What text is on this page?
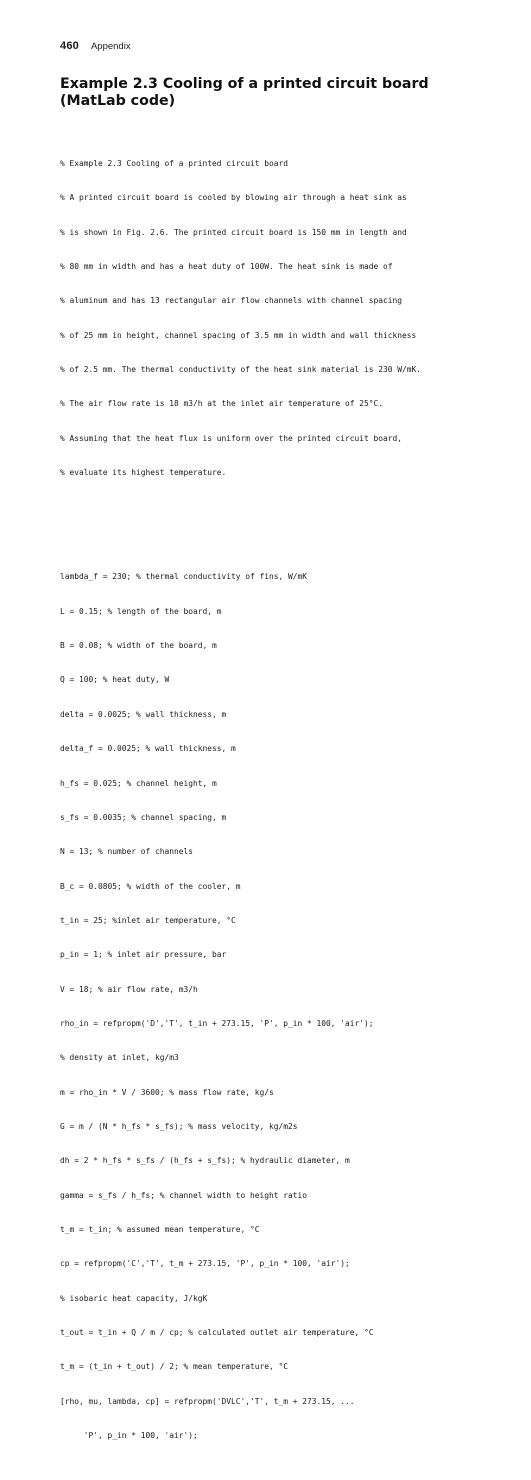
460 Appendix
Example 2.3 Cooling of a printed circuit board
(MatLab code)

% Example 2.3 Cooling of a printed circuit board

% A printed circuit board is cooled by blowing air through a heat sink as

% is shown in Fig. 2.6. The printed circuit board is 150 mm in length and

% 80 mm in width and has a heat duty of 100W. The heat sink is made of

% aluminum and has 13 rectangular air flow channels with channel spacing

% of 25 mm in height, channel spacing of 3.5 mm in width and wall thickness

% of 2.5 mm. The thermal conductivity of the heat sink material is 230 W/mK.

% The air flow rate is 18 m3/h at the inlet air temperature of 25°C.

% Assuming that the heat flux is uniform over the printed circuit board,

% evaluate its highest temperature.

lambda_f = 230; % thermal conductivity of fins, W/mK

L = 0.15; % length of the board, m

B = 0.08; % width of the board, m

Q = 100; % heat duty, W

delta = 0.0025; % wall thickness, m

delta_f = 0.0025; % wall thickness, m

h_fs = 0.025; % channel height, m

s_fs = 0.0035; % channel spacing, m

N = 13; % number of channels

B_c = 0.0805; % width of the cooler, m

t_in = 25; %inlet air temperature, °C

p_in = 1; % inlet air pressure, bar

V = 18; % air flow rate, m3/h

rho_in = refpropm('D','T', t_in + 273.15, 'P', p_in * 100, 'air');

% density at inlet, kg/m3

m = rho_in * V / 3600; % mass flow rate, kg/s

G = m / (N * h_fs * s_fs); % mass velocity, kg/m2s

dh = 2 * h_fs * s_fs / (h_fs + s_fs); % hydraulic diameter, m

gamma = s_fs / h_fs; % channel width to height ratio

t_m = t_in; % assumed mean temperature, °C

cp = refpropm('C','T', t_m + 273.15, 'P', p_in * 100, 'air');

% isobaric heat capacity, J/kgK

t_out = t_in + Q / m / cp; % calculated outlet air temperature, °C

t_m = (t_in + t_out) / 2; % mean temperature, °C

[rho, mu, lambda, cp] = refpropm('DVLC','T', t_m + 273.15, ...

'P', p_in * 100, 'air');
